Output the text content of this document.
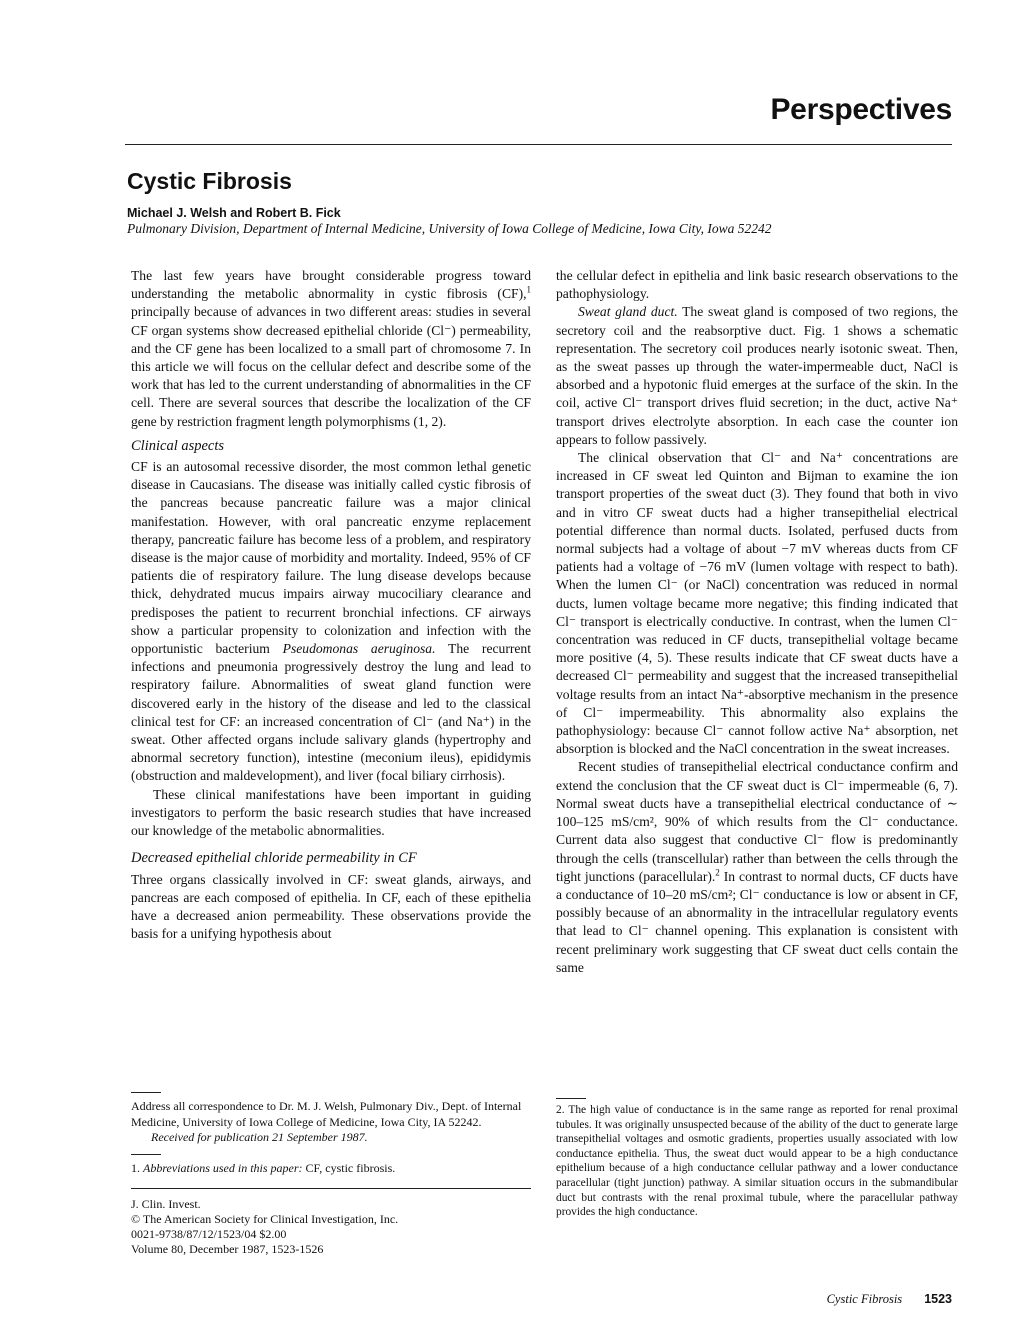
Perspectives
Cystic Fibrosis
Michael J. Welsh and Robert B. Fick
Pulmonary Division, Department of Internal Medicine, University of Iowa College of Medicine, Iowa City, Iowa 52242

The last few years have brought considerable progress toward understanding the metabolic abnormality in cystic fibrosis (CF),$^1$ principally because of advances in two different areas: studies in several CF organ systems show decreased epithelial chloride (Cl⁻) permeability, and the CF gene has been localized to a small part of chromosome 7. In this article we will focus on the cellular defect and describe some of the work that has led to the current understanding of abnormalities in the CF cell. There are several sources that describe the localization of the CF gene by restriction fragment length polymorphisms (1, 2).

Clinical aspects

CF is an autosomal recessive disorder, the most common lethal genetic disease in Caucasians. The disease was initially called cystic fibrosis of the pancreas because pancreatic failure was a major clinical manifestation. However, with oral pancreatic enzyme replacement therapy, pancreatic failure has become less of a problem, and respiratory disease is the major cause of morbidity and mortality. Indeed, 95% of CF patients die of respiratory failure. The lung disease develops because thick, dehydrated mucus impairs airway mucociliary clearance and predisposes the patient to recurrent bronchial infections. CF airways show a particular propensity to colonization and infection with the opportunistic bacterium Pseudomonas aeruginosa. The recurrent infections and pneumonia progressively destroy the lung and lead to respiratory failure. Abnormalities of sweat gland function were discovered early in the history of the disease and led to the classical clinical test for CF: an increased concentration of Cl⁻ (and Na⁺) in the sweat. Other affected organs include salivary glands (hypertrophy and abnormal secretory function), intestine (meconium ileus), epididymis (obstruction and maldevelopment), and liver (focal biliary cirrhosis).

These clinical manifestations have been important in guiding investigators to perform the basic research studies that have increased our knowledge of the metabolic abnormalities.

Decreased epithelial chloride permeability in CF

Three organs classically involved in CF: sweat glands, airways, and pancreas are each composed of epithelia. In CF, each of these epithelia have a decreased anion permeability. These observations provide the basis for a unifying hypothesis about

the cellular defect in epithelia and link basic research observations to the pathophysiology.

Sweat gland duct. The sweat gland is composed of two regions, the secretory coil and the reabsorptive duct. Fig. 1 shows a schematic representation. The secretory coil produces nearly isotonic sweat. Then, as the sweat passes up through the water-impermeable duct, NaCl is absorbed and a hypotonic fluid emerges at the surface of the skin. In the coil, active Cl⁻ transport drives fluid secretion; in the duct, active Na⁺ transport drives electrolyte absorption. In each case the counter ion appears to follow passively.

The clinical observation that Cl⁻ and Na⁺ concentrations are increased in CF sweat led Quinton and Bijman to examine the ion transport properties of the sweat duct (3). They found that both in vivo and in vitro CF sweat ducts had a higher transepithelial electrical potential difference than normal ducts. Isolated, perfused ducts from normal subjects had a voltage of about −7 mV whereas ducts from CF patients had a voltage of −76 mV (lumen voltage with respect to bath). When the lumen Cl⁻ (or NaCl) concentration was reduced in normal ducts, lumen voltage became more negative; this finding indicated that Cl⁻ transport is electrically conductive. In contrast, when the lumen Cl⁻ concentration was reduced in CF ducts, transepithelial voltage became more positive (4, 5). These results indicate that CF sweat ducts have a decreased Cl⁻ permeability and suggest that the increased transepithelial voltage results from an intact Na⁺-absorptive mechanism in the presence of Cl⁻ impermeability. This abnormality also explains the pathophysiology: because Cl⁻ cannot follow active Na⁺ absorption, net absorption is blocked and the NaCl concentration in the sweat increases.

Recent studies of transepithelial electrical conductance confirm and extend the conclusion that the CF sweat duct is Cl⁻ impermeable (6, 7). Normal sweat ducts have a transepithelial electrical conductance of ∼ 100–125 mS/cm², 90% of which results from the Cl⁻ conductance. Current data also suggest that conductive Cl⁻ flow is predominantly through the cells (transcellular) rather than between the cells through the tight junctions (paracellular).$^2$ In contrast to normal ducts, CF ducts have a conductance of 10–20 mS/cm²; Cl⁻ conductance is low or absent in CF, possibly because of an abnormality in the intracellular regulatory events that lead to Cl⁻ channel opening. This explanation is consistent with recent preliminary work suggesting that CF sweat duct cells contain the same

Address all correspondence to Dr. M. J. Welsh, Pulmonary Div., Dept. of Internal Medicine, University of Iowa College of Medicine, Iowa City, IA 52242.

Received for publication 21 September 1987.

1. Abbreviations used in this paper: CF, cystic fibrosis.

J. Clin. Invest.
© The American Society for Clinical Investigation, Inc.
0021-9738/87/12/1523/04 $2.00
Volume 80, December 1987, 1523-1526
2. The high value of conductance is in the same range as reported for renal proximal tubules. It was originally unsuspected because of the ability of the duct to generate large transepithelial voltages and osmotic gradients, properties usually associated with low conductance epithelia. Thus, the sweat duct would appear to be a high conductance epithelium because of a high conductance cellular pathway and a lower conductance paracellular (tight junction) pathway. A similar situation occurs in the submandibular duct but contrasts with the renal proximal tubule, where the paracellular pathway provides the high conductance.
Cystic Fibrosis 1523
